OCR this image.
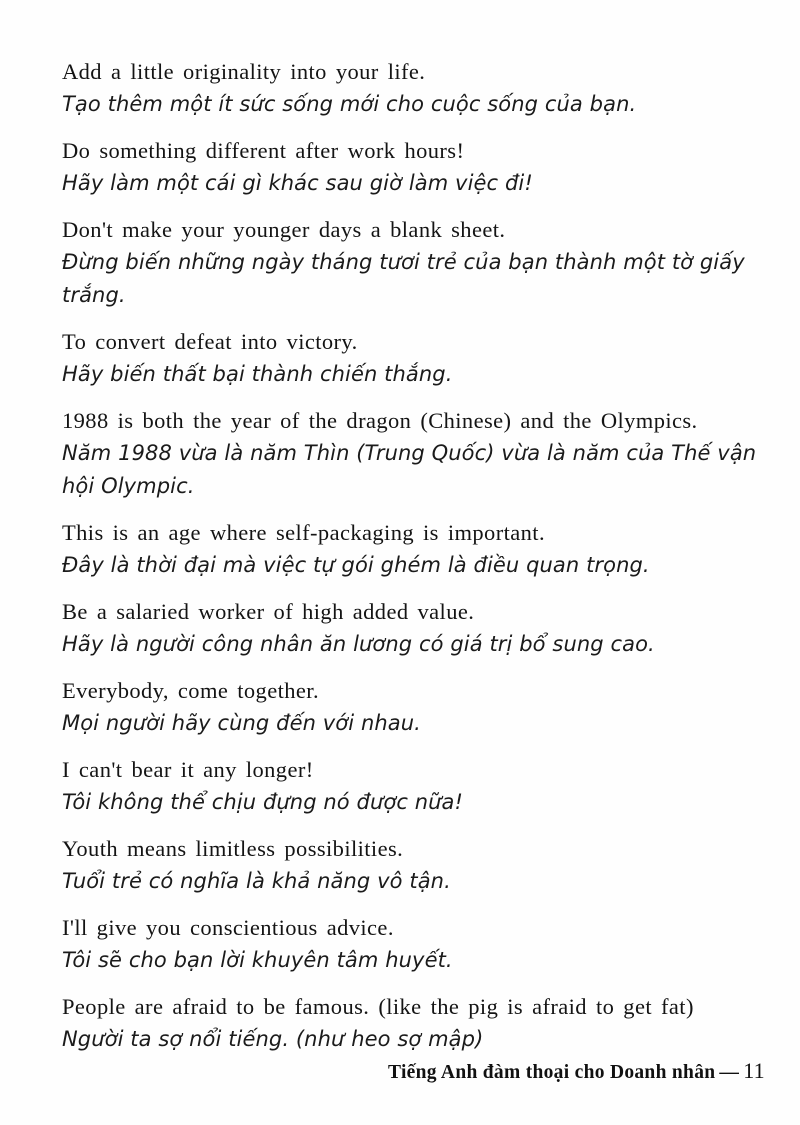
Add a little originality into your life.

Tạo thêm một ít sức sống mới cho cuộc sống của bạn.

Do something different after work hours!

Hãy làm một cái gì khác sau giờ làm việc đi!

Don't make your younger days a blank sheet.

Đừng biến những ngày tháng tươi trẻ của bạn thành một tờ giấy trắng.

To convert defeat into victory.

Hãy biến thất bại thành chiến thắng.

1988 is both the year of the dragon (Chinese) and the Olympics.

Năm 1988 vừa là năm Thìn (Trung Quốc) vừa là năm của Thế vận hội Olympic.

This is an age where self-packaging is important.

Đây là thời đại mà việc tự gói ghém là điều quan trọng.

Be a salaried worker of high added value.

Hãy là người công nhân ăn lương có giá trị bổ sung cao.

Everybody, come together.

Mọi người hãy cùng đến với nhau.

I can't bear it any longer!

Tôi không thể chịu đựng nó được nữa!

Youth means limitless possibilities.

Tuổi trẻ có nghĩa là khả năng vô tận.

I'll give you conscientious advice.

Tôi sẽ cho bạn lời khuyên tâm huyết.

People are afraid to be famous. (like the pig is afraid to get fat)

Người ta sợ nổi tiếng. (như heo sợ mập)

Tiếng Anh đàm thoại cho Doanh nhân — 11
